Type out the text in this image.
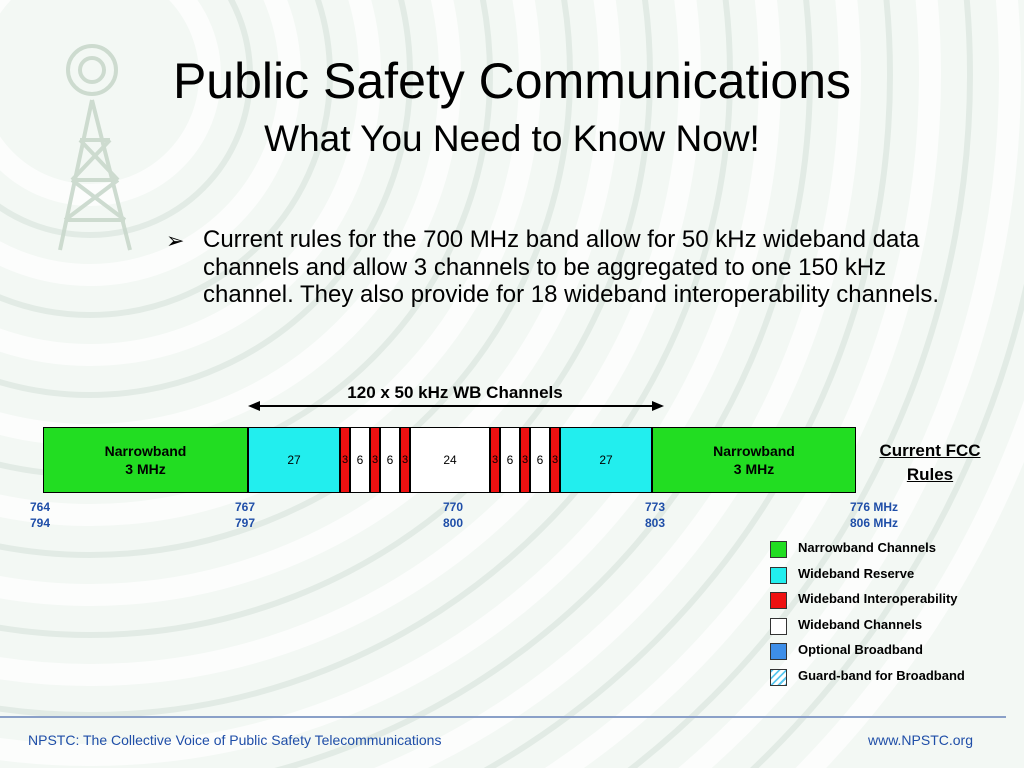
Public Safety Communications
What You Need to Know Now!
➢ Current rules for the 700 MHz band allow for 50 kHz wideband data channels and allow 3 channels to be aggregated to one 150 kHz channel. They also provide for 18 wideband interoperability channels.
120 x 50 kHz WB Channels
Narrowband
3 MHz
27	3 6 3 6 3	24	3 6 3 6 3	27
Narrowband
3 MHz
Current FCC
Rules
764
794
767
797
770
800
773
803
776 MHz
806 MHz
Narrowband Channels
Wideband Reserve
Wideband Interoperability
Wideband Channels
Optional Broadband
Guard-band for Broadband
NPSTC: The Collective Voice of Public Safety Telecommunications	www.NPSTC.org
